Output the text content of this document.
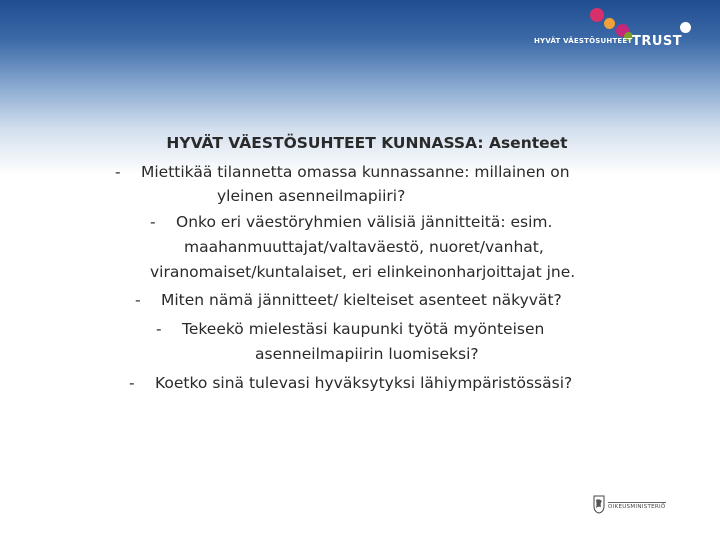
HYVÄT VÄESTÖSUHTEET TRUST
HYVÄT VÄESTÖSUHTEET KUNNASSA: Asenteet
- Miettikää tilannetta omassa kunnassanne: millainen on
yleinen asenneilmapiiri?
- Onko eri väestöryhmien välisiä jännitteitä: esim.
maahanmuuttajat/valtaväestö, nuoret/vanhat,
viranomaiset/kuntalaiset, eri elinkeinonharjoittajat jne.
- Miten nämä jännitteet/ kielteiset asenteet näkyvät?
- Tekeekö mielestäsi kaupunki työtä myönteisen
asenneilmapiirin luomiseksi?
- Koetko sinä tulevasi hyväksytyksi lähiympäristössäsi?
OIKEUSMINISTERIÖ
